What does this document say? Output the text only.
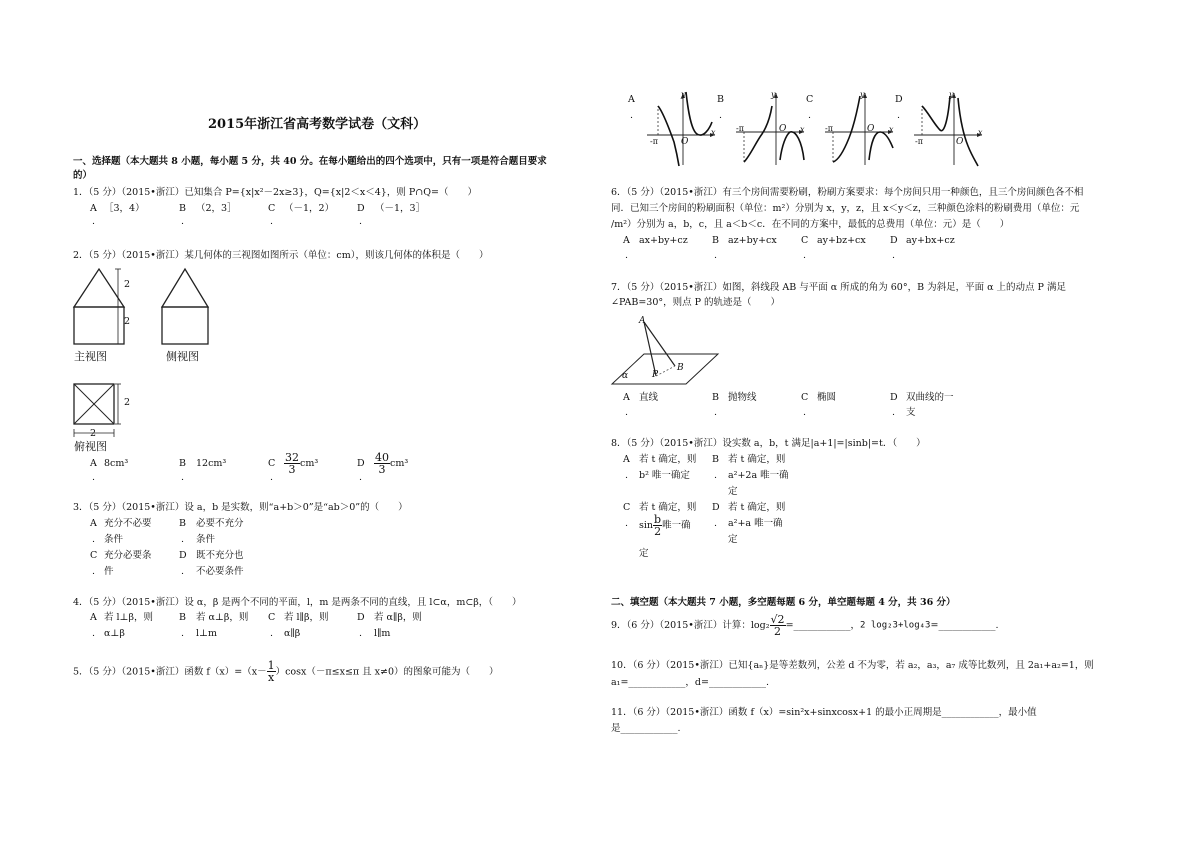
2015年浙江省高考数学试卷（文科）
一、选择题（本大题共 8 小题，每小题 5 分，共 40 分。在每小题给出的四个选项中，只有一项是符合题目要求
的）
1．（5 分）（2015•浙江）已知集合 P={x|x²－2x≥3}，Q={x|2＜x＜4}，则 P∩Q=（　　）
A ［3，4）	B （2，3］	C （－1，2） D （－1，3］
.	.	.	.
2．（5 分）（2015•浙江）某几何体的三视图如图所示（单位：cm），则该几何体的体积是（　　）
2
2
2
2
主视图	侧视图
俯视图
A 8cm³	B 12cm³	C $\frac{32}{3} cm^3$	D $\frac{40}{3} cm^3$
.	.	.	.
3．（5 分）（2015•浙江）设 a，b 是实数，则“a+b＞0”是“ab＞0”的（　　）
A 充分不必要
. 条件
B 必要不充分
. 条件
C 充分必要条
. 件
D 既不充分也
. 不必要条件
4．（5 分）（2015•浙江）设 α，β 是两个不同的平面，l，m 是两条不同的直线，且 l⊂α，m⊂β，（　　）
A 若 l⊥β，则
. α⊥β
B 若 α⊥β，则
. l⊥m
C 若 l∥β，则
. α∥β
D 若 α∥β，则
. l∥m
5．（5 分）（2015•浙江）函数 $f(x)=(x- \frac{1}{x} )\cos x(-\pi\le x\le\pi$ 且 x≠0）的图象可能为（　　）
A
.
B
.
C
.
D
.
y
x
-π	O
y
x
-π	O
y
x
-π	O
y
x
-π	O
6．（5 分）（2015•浙江）有三个房间需要粉刷，粉刷方案要求：每个房间只用一种颜色，且三个房间颜色各不相
同．已知三个房间的粉刷面积（单位：m²）分别为 x，y，z，且 x＜y＜z，三种颜色涂料的粉刷费用（单位：元
/m²）分别为 a，b，c，且 a＜b＜c．在不同的方案中，最低的总费用（单位：元）是（　　）
A ax+by+cz	B az+by+cx	C ay+bz+cx	D ay+bx+cz
.	.	.	.
7．（5 分）（2015•浙江）如图，斜线段 AB 与平面 α 所成的角为 60°，B 为斜足，平面 α 上的动点 P 满足
∠PAB=30°，则点 P 的轨迹是（　　）
A
B
P
α
A 直线	B 抛物线	C 椭圆	D 双曲线的一
.	.	.	. 支
8．（5 分）（2015•浙江）设实数 a，b，t 满足|a+1|=|sinb|=t．（　　）
A 若 t 确定，则
. b² 唯一确定
B 若 t 确定，则
. a²+2a 唯一确
定
C 若 t 确定，则
. $\sin \frac{b}{2}$ 唯一确
定
D 若 t 确定，则
. a²+a 唯一确
定
二、填空题（本大题共 7 小题，多空题每题 6 分，单空题每题 4 分，共 36 分）
9．（6 分）（2015•浙江）计算：$\log_2 \frac{√2}{2}$ =____________，2 log₂3+log₄3=____________.
10．（6 分）（2015•浙江）已知{aₙ}是等差数列，公差 d 不为零，若 a₂，a₃，a₇ 成等比数列，且 2a₁+a₂=1，则
a₁=____________，d=____________.
11．（6 分）（2015•浙江）函数 f（x）=sin²x+sinxcosx+1 的最小正周期是____________，最小值
是____________.
